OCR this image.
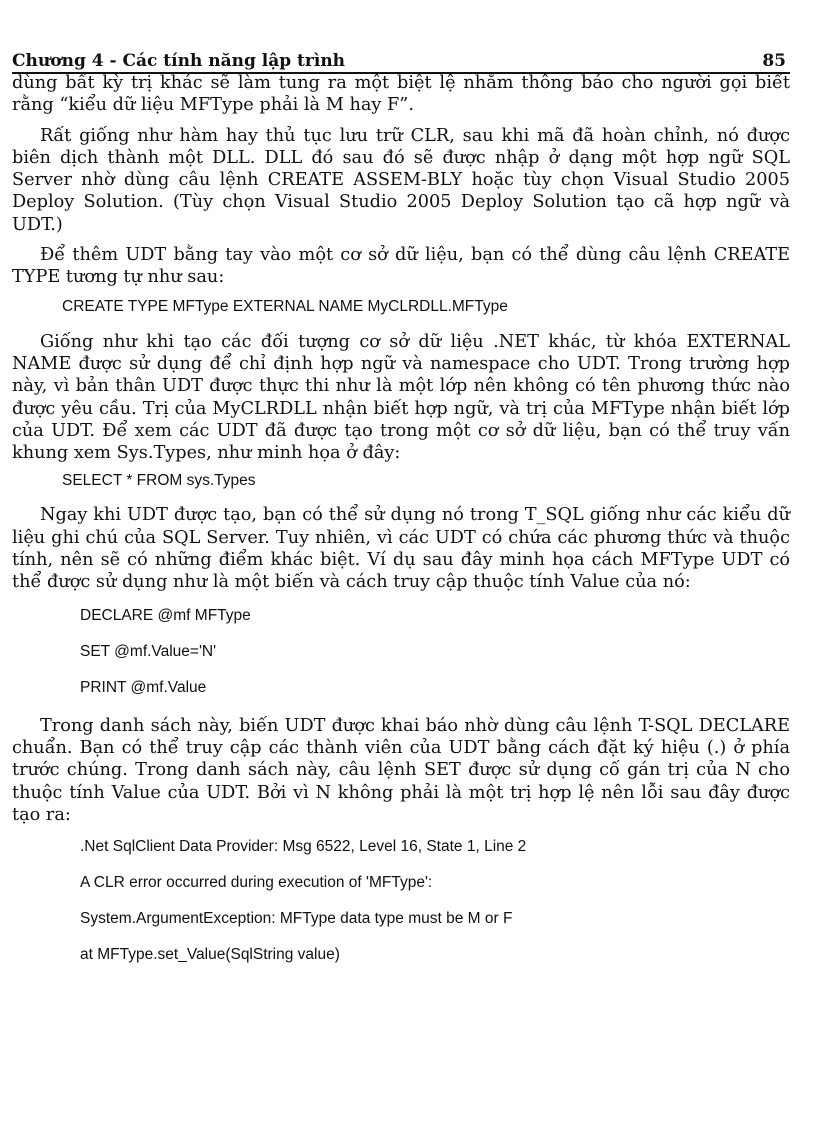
Chương 4 - Các tính năng lập trình	85

dùng bất kỳ trị khác sẽ làm tung ra một biệt lệ nhằm thông báo cho người gọi biết rằng “kiểu dữ liệu MFType phải là M hay F”.

Rất giống như hàm hay thủ tục lưu trữ CLR, sau khi mã đã hoàn chỉnh, nó được biên dịch thành một DLL. DLL đó sau đó sẽ được nhập ở dạng một hợp ngữ SQL Server nhờ dùng câu lệnh CREATE ASSEM-BLY hoặc tùy chọn Visual Studio 2005 Deploy Solution. (Tùy chọn Visual Studio 2005 Deploy Solution tạo cã hợp ngữ và UDT.)

Để thêm UDT bằng tay vào một cơ sở dữ liệu, bạn có thể dùng câu lệnh CREATE TYPE tương tự như sau:

CREATE TYPE MFType EXTERNAL NAME MyCLRDLL.MFType

Giống như khi tạo các đối tượng cơ sở dữ liệu .NET khác, từ khóa EXTERNAL NAME được sử dụng để chỉ định hợp ngữ và namespace cho UDT. Trong trường hợp này, vì bản thân UDT được thực thi như là một lớp nên không có tên phương thức nào được yêu cầu. Trị của MyCLRDLL nhận biết hợp ngữ, và trị của MFType nhận biết lớp của UDT. Để xem các UDT đã được tạo trong một cơ sở dữ liệu, bạn có thể truy vấn khung xem Sys.Types, như minh họa ở đây:

SELECT * FROM sys.Types

Ngay khi UDT được tạo, bạn có thể sử dụng nó trong T_SQL giống như các kiểu dữ liệu ghi chú của SQL Server. Tuy nhiên, vì các UDT có chứa các phương thức và thuộc tính, nên sẽ có những điểm khác biệt. Ví dụ sau đây minh họa cách MFType UDT có thể được sử dụng như là một biến và cách truy cập thuộc tính Value của nó:

DECLARE @mf MFType
SET @mf.Value='N'
PRINT @mf.Value

Trong danh sách này, biến UDT được khai báo nhờ dùng câu lệnh T-SQL DECLARE chuẩn. Bạn có thể truy cập các thành viên của UDT bằng cách đặt ký hiệu (.) ở phía trước chúng. Trong danh sách này, câu lệnh SET được sử dụng cố gán trị của N cho thuộc tính Value của UDT. Bởi vì N không phải là một trị hợp lệ nên lỗi sau đây được tạo ra:

.Net SqlClient Data Provider: Msg 6522, Level 16, State 1, Line 2
A CLR error occurred during execution of 'MFType':
System.ArgumentException: MFType data type must be M or F
at MFType.set_Value(SqlString value)
